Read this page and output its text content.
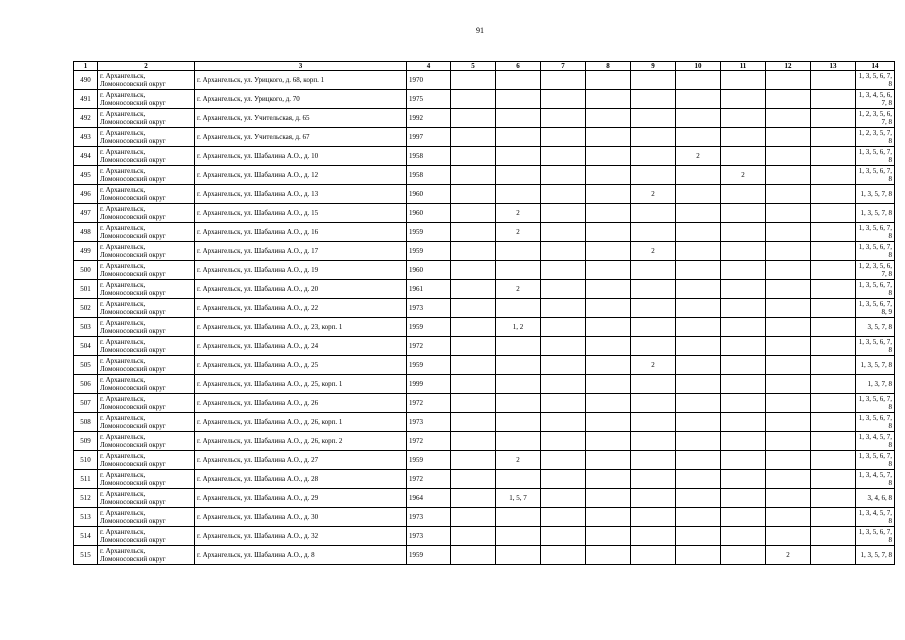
91
1	2	3	4	5	6	7	8	9	10	11	12	13	14
490	г. Архангельск,
Ломоносовский округ	г. Архангельск, ул. Урицкого, д. 68, корп. 1	1970										1, 3, 5, 6, 7,
8
491	г. Архангельск,
Ломоносовский округ	г. Архангельск, ул. Урицкого, д. 70	1975										1, 3, 4, 5, 6,
7, 8
492	г. Архангельск,
Ломоносовский округ	г. Архангельск, ул. Учительская, д. 65	1992										1, 2, 3, 5, 6,
7, 8
493	г. Архангельск,
Ломоносовский округ	г. Архангельск, ул. Учительская, д. 67	1997										1, 2, 3, 5, 7,
8
494	г. Архангельск,
Ломоносовский округ	г. Архангельск, ул. Шабалина А.О., д. 10	1958						2				1, 3, 5, 6, 7,
8
495	г. Архангельск,
Ломоносовский округ	г. Архангельск, ул. Шабалина А.О., д. 12	1958							2			1, 3, 5, 6, 7,
8
496	г. Архангельск,
Ломоносовский округ	г. Архангельск, ул. Шабалина А.О., д. 13	1960					2					1, 3, 5, 7, 8
497	г. Архангельск,
Ломоносовский округ	г. Архангельск, ул. Шабалина А.О., д. 15	1960		2								1, 3, 5, 7, 8
498	г. Архангельск,
Ломоносовский округ	г. Архангельск, ул. Шабалина А.О., д. 16	1959		2								1, 3, 5, 6, 7,
8
499	г. Архангельск,
Ломоносовский округ	г. Архангельск, ул. Шабалина А.О., д. 17	1959					2					1, 3, 5, 6, 7,
8
500	г. Архангельск,
Ломоносовский округ	г. Архангельск, ул. Шабалина А.О., д. 19	1960										1, 2, 3, 5, 6,
7, 8
501	г. Архангельск,
Ломоносовский округ	г. Архангельск, ул. Шабалина А.О., д. 20	1961		2								1, 3, 5, 6, 7,
8
502	г. Архангельск,
Ломоносовский округ	г. Архангельск, ул. Шабалина А.О., д. 22	1973										1, 3, 5, 6, 7,
8, 9
503	г. Архангельск,
Ломоносовский округ	г. Архангельск, ул. Шабалина А.О., д. 23, корп. 1	1959		1, 2								3, 5, 7, 8
504	г. Архангельск,
Ломоносовский округ	г. Архангельск, ул. Шабалина А.О., д. 24	1972										1, 3, 5, 6, 7,
8
505	г. Архангельск,
Ломоносовский округ	г. Архангельск, ул. Шабалина А.О., д. 25	1959					2					1, 3, 5, 7, 8
506	г. Архангельск,
Ломоносовский округ	г. Архангельск, ул. Шабалина А.О., д. 25, корп. 1	1999										1, 3, 7, 8
507	г. Архангельск,
Ломоносовский округ	г. Архангельск, ул. Шабалина А.О., д. 26	1972										1, 3, 5, 6, 7,
8
508	г. Архангельск,
Ломоносовский округ	г. Архангельск, ул. Шабалина А.О., д. 26, корп. 1	1973										1, 3, 5, 6, 7,
8
509	г. Архангельск,
Ломоносовский округ	г. Архангельск, ул. Шабалина А.О., д. 26, корп. 2	1972										1, 3, 4, 5, 7,
8
510	г. Архангельск,
Ломоносовский округ	г. Архангельск, ул. Шабалина А.О., д. 27	1959		2								1, 3, 5, 6, 7,
8
511	г. Архангельск,
Ломоносовский округ	г. Архангельск, ул. Шабалина А.О., д. 28	1972										1, 3, 4, 5, 7,
8
512	г. Архангельск,
Ломоносовский округ	г. Архангельск, ул. Шабалина А.О., д. 29	1964		1, 5, 7								3, 4, 6, 8
513	г. Архангельск,
Ломоносовский округ	г. Архангельск, ул. Шабалина А.О., д. 30	1973										1, 3, 4, 5, 7,
8
514	г. Архангельск,
Ломоносовский округ	г. Архангельск, ул. Шабалина А.О., д. 32	1973										1, 3, 5, 6, 7,
8
515	г. Архангельск,
Ломоносовский округ	г. Архангельск, ул. Шабалина А.О., д. 8	1959								2		1, 3, 5, 7, 8
